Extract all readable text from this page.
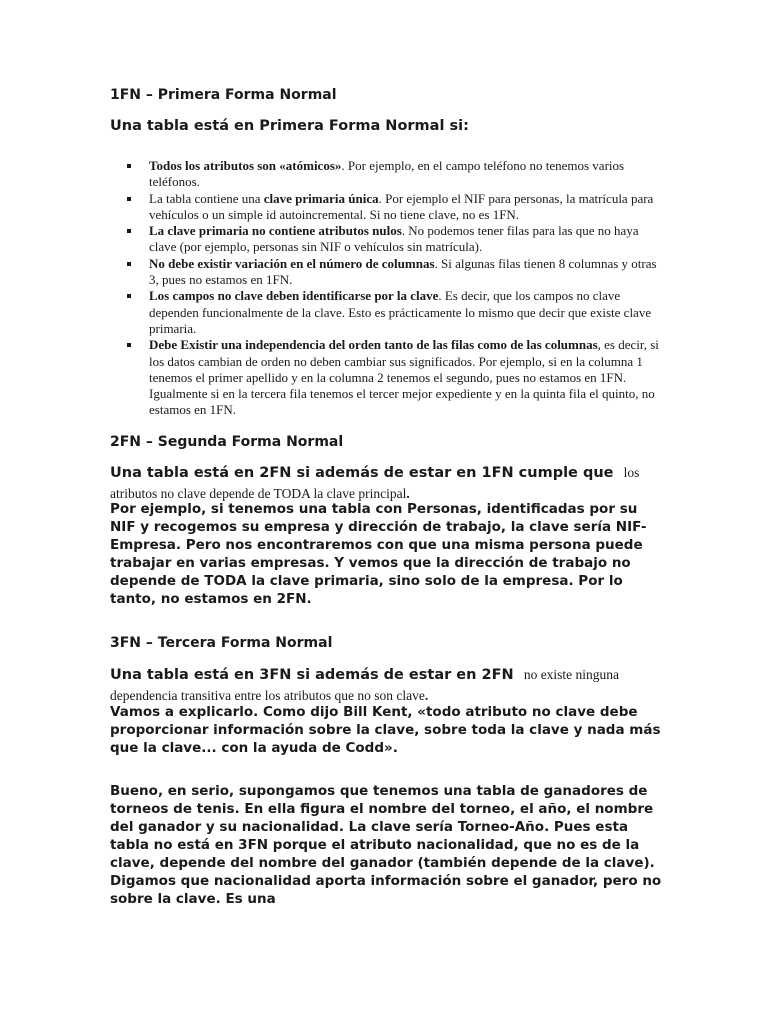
1FN – Primera Forma Normal

Una tabla está en Primera Forma Normal si:

Todos los atributos son «atómicos». Por ejemplo, en el campo teléfono no tenemos varios teléfonos.
La tabla contiene una clave primaria única. Por ejemplo el NIF para personas, la matrícula para vehículos o un simple id autoincremental. Si no tiene clave, no es 1FN.
La clave primaria no contiene atributos nulos. No podemos tener filas para las que no haya clave (por ejemplo, personas sin NIF o vehículos sin matrícula).
No debe existir variación en el número de columnas. Si algunas filas tienen 8 columnas y otras 3, pues no estamos en 1FN.
Los campos no clave deben identificarse por la clave. Es decir, que los campos no clave dependen funcionalmente de la clave. Esto es prácticamente lo mismo que decir que existe clave primaria.
Debe Existir una independencia del orden tanto de las filas como de las columnas, es decir, si los datos cambian de orden no deben cambiar sus significados. Por ejemplo, si en la columna 1 tenemos el primer apellido y en la columna 2 tenemos el segundo, pues no estamos en 1FN. Igualmente si en la tercera fila tenemos el tercer mejor expediente y en la quinta fila el quinto, no estamos en 1FN.
2FN – Segunda Forma Normal

Una tabla está en 2FN si además de estar en 1FN cumple que los atributos no clave depende de TODA la clave principal.

Por ejemplo, si tenemos una tabla con Personas, identificadas por su NIF y recogemos su empresa y dirección de trabajo, la clave sería NIF-Empresa. Pero nos encontraremos con que una misma persona puede trabajar en varias empresas. Y vemos que la dirección de trabajo no depende de TODA la clave primaria, sino solo de la empresa. Por lo tanto, no estamos en 2FN.

3FN – Tercera Forma Normal

Una tabla está en 3FN si además de estar en 2FN no existe ninguna dependencia transitiva entre los atributos que no son clave.

Vamos a explicarlo. Como dijo Bill Kent, «todo atributo no clave debe proporcionar información sobre la clave, sobre toda la clave y nada más que la clave... con la ayuda de Codd».

Bueno, en serio, supongamos que tenemos una tabla de ganadores de torneos de tenis. En ella figura el nombre del torneo, el año, el nombre del ganador y su nacionalidad. La clave sería Torneo-Año. Pues esta tabla no está en 3FN porque el atributo nacionalidad, que no es de la clave, depende del nombre del ganador (también depende de la clave). Digamos que nacionalidad aporta información sobre el ganador, pero no sobre la clave. Es una
